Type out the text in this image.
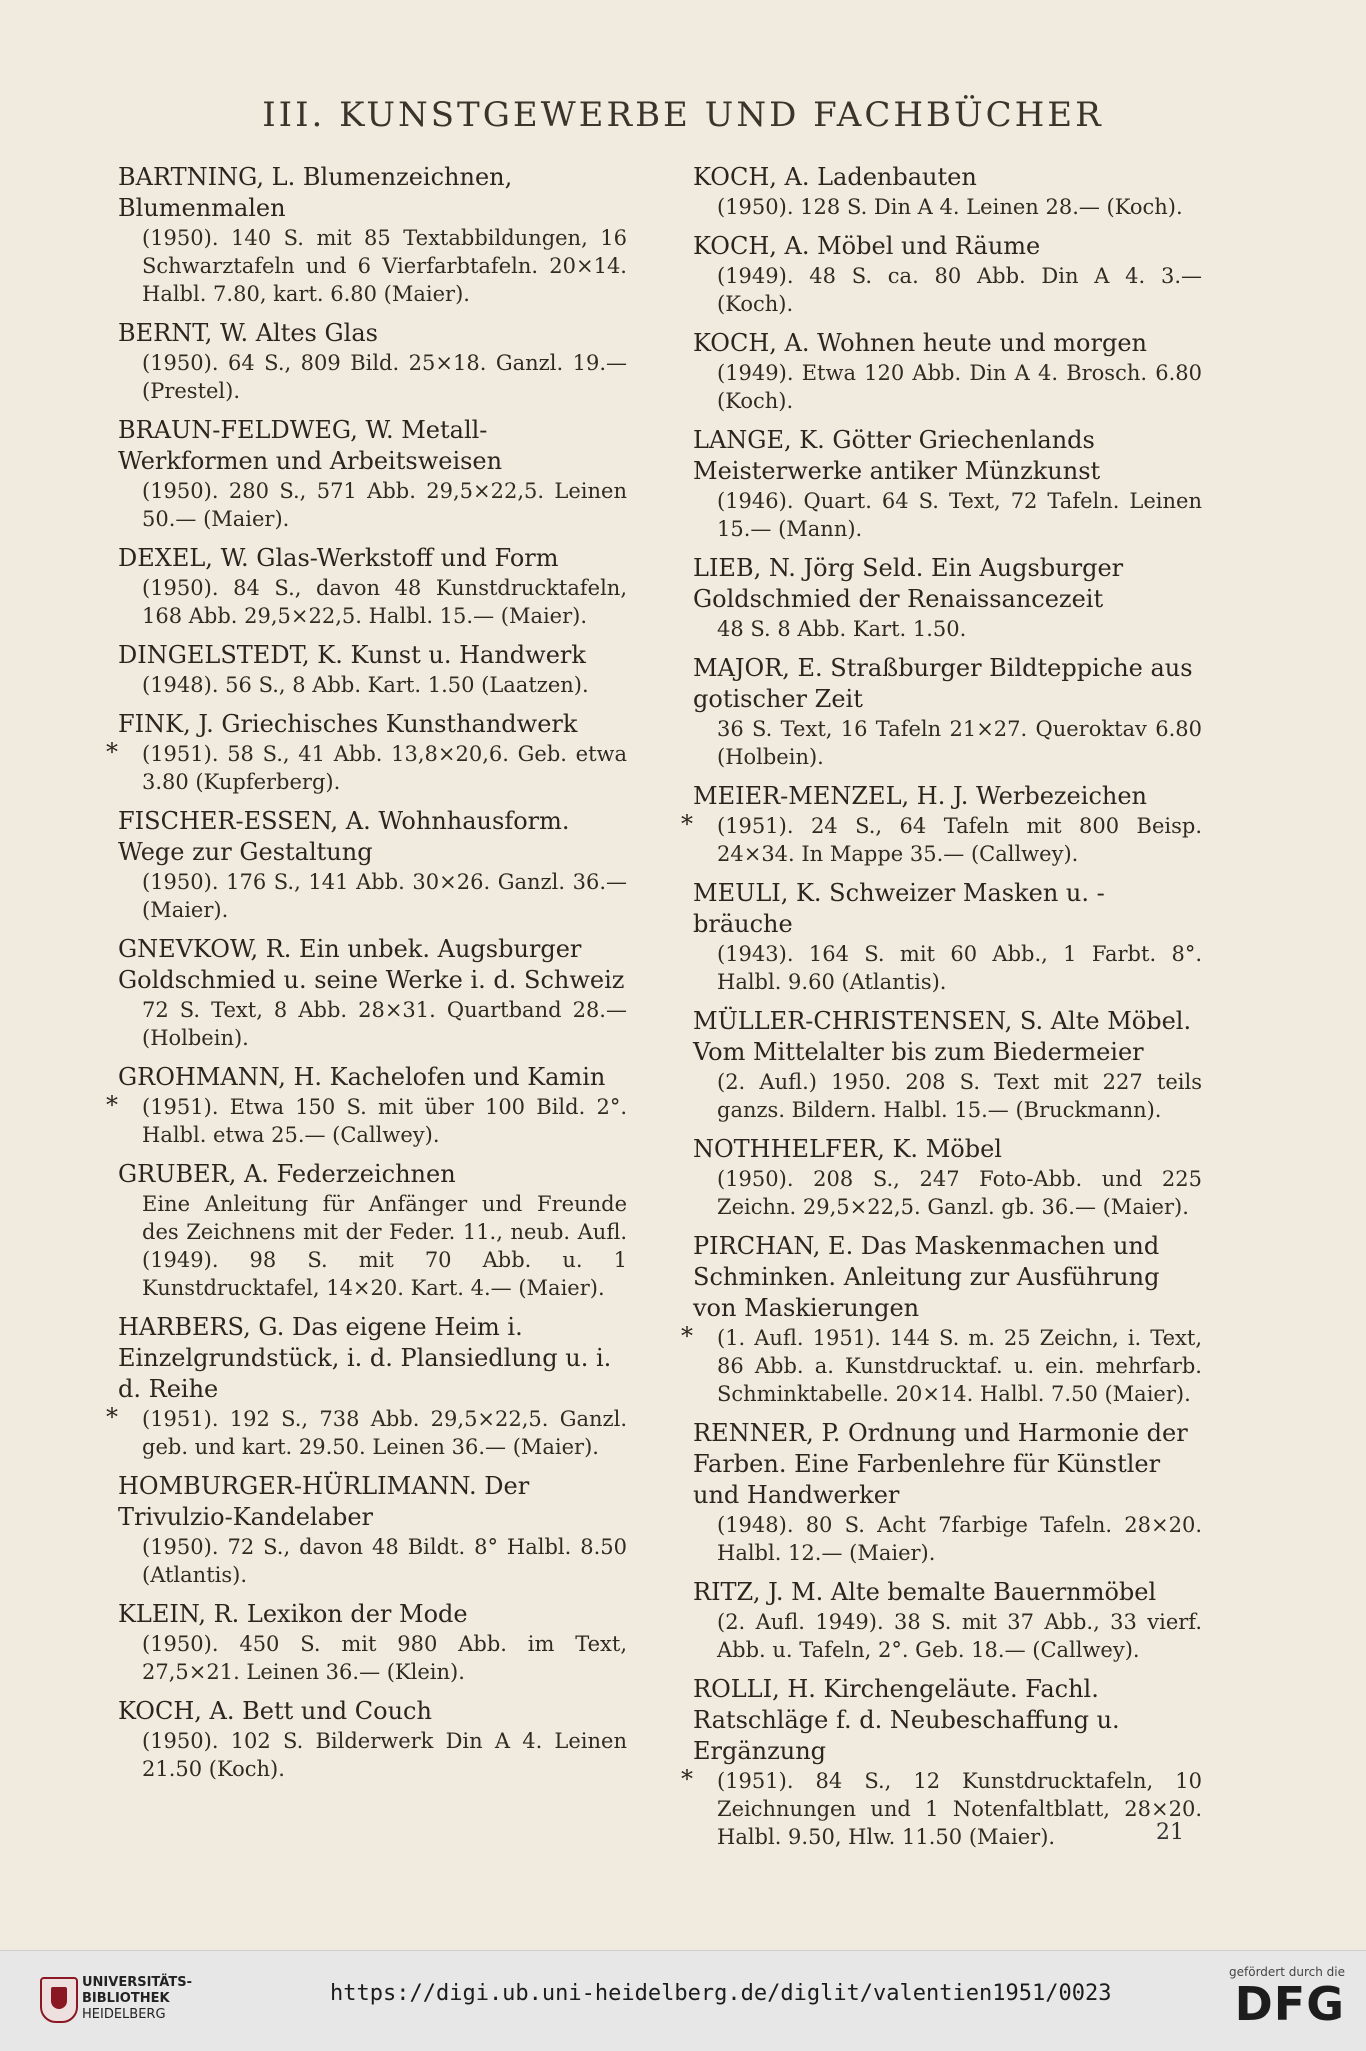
III. KUNSTGEWERBE UND FACHBÜCHER
BARTNING, L. Blumenzeichnen, Blumenmalen
(1950). 140 S. mit 85 Textabbildungen, 16 Schwarztafeln und 6 Vierfarbtafeln. 20×14. Halbl. 7.80, kart. 6.80 (Maier).
BERNT, W. Altes Glas
(1950). 64 S., 809 Bild. 25×18. Ganzl. 19.— (Prestel).
BRAUN-FELDWEG, W. Metall-Werkformen und Arbeitsweisen
(1950). 280 S., 571 Abb. 29,5×22,5. Leinen 50.— (Maier).
DEXEL, W. Glas-Werkstoff und Form
(1950). 84 S., davon 48 Kunstdrucktafeln, 168 Abb. 29,5×22,5. Halbl. 15.— (Maier).
DINGELSTEDT, K. Kunst u. Handwerk
(1948). 56 S., 8 Abb. Kart. 1.50 (Laatzen).
FINK, J. Griechisches Kunsthandwerk
(1951). 58 S., 41 Abb. 13,8×20,6. Geb. etwa 3.80 (Kupferberg).
*
FISCHER-ESSEN, A. Wohnhausform. Wege zur Gestaltung
(1950). 176 S., 141 Abb. 30×26. Ganzl. 36.— (Maier).
GNEVKOW, R. Ein unbek. Augsburger Goldschmied u. seine Werke i. d. Schweiz
72 S. Text, 8 Abb. 28×31. Quartband 28.— (Holbein).
GROHMANN, H. Kachelofen und Kamin
(1951). Etwa 150 S. mit über 100 Bild. 2°. Halbl. etwa 25.— (Callwey).
*
GRUBER, A. Federzeichnen
Eine Anleitung für Anfänger und Freunde des Zeichnens mit der Feder. 11., neub. Aufl. (1949). 98 S. mit 70 Abb. u. 1 Kunstdrucktafel, 14×20. Kart. 4.— (Maier).
HARBERS, G. Das eigene Heim i. Einzelgrundstück, i. d. Plansiedlung u. i. d. Reihe
(1951). 192 S., 738 Abb. 29,5×22,5. Ganzl. geb. und kart. 29.50. Leinen 36.— (Maier).
*
HOMBURGER-HÜRLIMANN. Der Trivulzio-Kandelaber
(1950). 72 S., davon 48 Bildt. 8° Halbl. 8.50 (Atlantis).
KLEIN, R. Lexikon der Mode
(1950). 450 S. mit 980 Abb. im Text, 27,5×21. Leinen 36.— (Klein).
KOCH, A. Bett und Couch
(1950). 102 S. Bilderwerk Din A 4. Leinen 21.50 (Koch).
KOCH, A. Ladenbauten
(1950). 128 S. Din A 4. Leinen 28.— (Koch).
KOCH, A. Möbel und Räume
(1949). 48 S. ca. 80 Abb. Din A 4. 3.— (Koch).
KOCH, A. Wohnen heute und morgen
(1949). Etwa 120 Abb. Din A 4. Brosch. 6.80 (Koch).
LANGE, K. Götter Griechenlands Meisterwerke antiker Münzkunst
(1946). Quart. 64 S. Text, 72 Tafeln. Leinen 15.— (Mann).
LIEB, N. Jörg Seld. Ein Augsburger Goldschmied der Renaissancezeit
48 S. 8 Abb. Kart. 1.50.
MAJOR, E. Straßburger Bildteppiche aus gotischer Zeit
36 S. Text, 16 Tafeln 21×27. Queroktav 6.80 (Holbein).
MEIER-MENZEL, H. J. Werbezeichen
(1951). 24 S., 64 Tafeln mit 800 Beisp. 24×34. In Mappe 35.— (Callwey).
*
MEULI, K. Schweizer Masken u. -bräuche
(1943). 164 S. mit 60 Abb., 1 Farbt. 8°. Halbl. 9.60 (Atlantis).
MÜLLER-CHRISTENSEN, S. Alte Möbel. Vom Mittelalter bis zum Biedermeier
(2. Aufl.) 1950. 208 S. Text mit 227 teils ganzs. Bildern. Halbl. 15.— (Bruckmann).
NOTHHELFER, K. Möbel
(1950). 208 S., 247 Foto-Abb. und 225 Zeichn. 29,5×22,5. Ganzl. gb. 36.— (Maier).
PIRCHAN, E. Das Maskenmachen und Schminken. Anleitung zur Ausführung von Maskierungen
(1. Aufl. 1951). 144 S. m. 25 Zeichn, i. Text, 86 Abb. a. Kunstdrucktaf. u. ein. mehrfarb. Schminktabelle. 20×14. Halbl. 7.50 (Maier).
*
RENNER, P. Ordnung und Harmonie der Farben. Eine Farbenlehre für Künstler und Handwerker
(1948). 80 S. Acht 7farbige Tafeln. 28×20. Halbl. 12.— (Maier).
RITZ, J. M. Alte bemalte Bauernmöbel
(2. Aufl. 1949). 38 S. mit 37 Abb., 33 vierf. Abb. u. Tafeln, 2°. Geb. 18.— (Callwey).
ROLLI, H. Kirchengeläute. Fachl. Ratschläge f. d. Neubeschaffung u. Ergänzung
(1951). 84 S., 12 Kunstdrucktafeln, 10 Zeichnungen und 1 Notenfaltblatt, 28×20. Halbl. 9.50, Hlw. 11.50 (Maier).
*
21
UNIVERSITÄTS-
BIBLIOTHEK
HEIDELBERG
https://digi.ub.uni-heidelberg.de/diglit/valentien1951/0023
gefördert durch die
DFG
